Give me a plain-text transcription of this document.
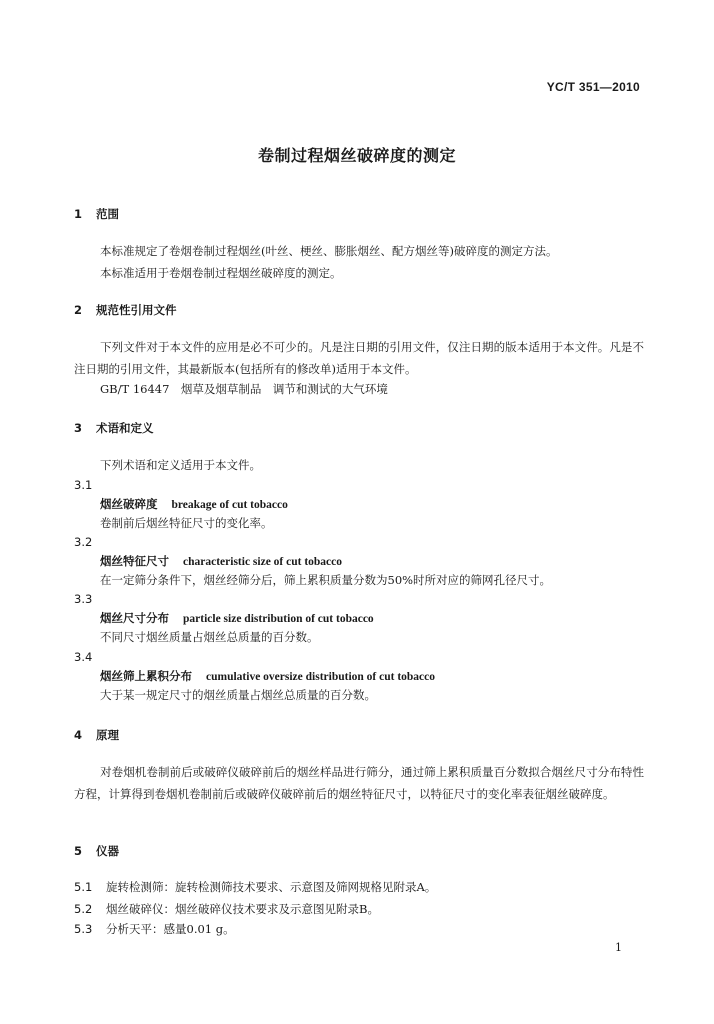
YC/T 351—2010
卷制过程烟丝破碎度的测定
1 范围
本标准规定了卷烟卷制过程烟丝(叶丝、梗丝、膨胀烟丝、配方烟丝等)破碎度的测定方法。
本标准适用于卷烟卷制过程烟丝破碎度的测定。
2 规范性引用文件
下列文件对于本文件的应用是必不可少的。凡是注日期的引用文件，仅注日期的版本适用于本文件。凡是不注日期的引用文件，其最新版本(包括所有的修改单)适用于本文件。
GB/T 16447　烟草及烟草制品　调节和测试的大气环境
3 术语和定义
下列术语和定义适用于本文件。
3.1
烟丝破碎度 breakage of cut tobacco
卷制前后烟丝特征尺寸的变化率。
3.2
烟丝特征尺寸 characteristic size of cut tobacco
在一定筛分条件下，烟丝经筛分后，筛上累积质量分数为50%时所对应的筛网孔径尺寸。
3.3
烟丝尺寸分布 particle size distribution of cut tobacco
不同尺寸烟丝质量占烟丝总质量的百分数。
3.4
烟丝筛上累积分布 cumulative oversize distribution of cut tobacco
大于某一规定尺寸的烟丝质量占烟丝总质量的百分数。
4 原理
对卷烟机卷制前后或破碎仪破碎前后的烟丝样品进行筛分，通过筛上累积质量百分数拟合烟丝尺寸分布特性方程，计算得到卷烟机卷制前后或破碎仪破碎前后的烟丝特征尺寸，以特征尺寸的变化率表征烟丝破碎度。
5 仪器
5.1 旋转检测筛：旋转检测筛技术要求、示意图及筛网规格见附录A。
5.2 烟丝破碎仪：烟丝破碎仪技术要求及示意图见附录B。
5.3 分析天平：感量0.01 g。
1
